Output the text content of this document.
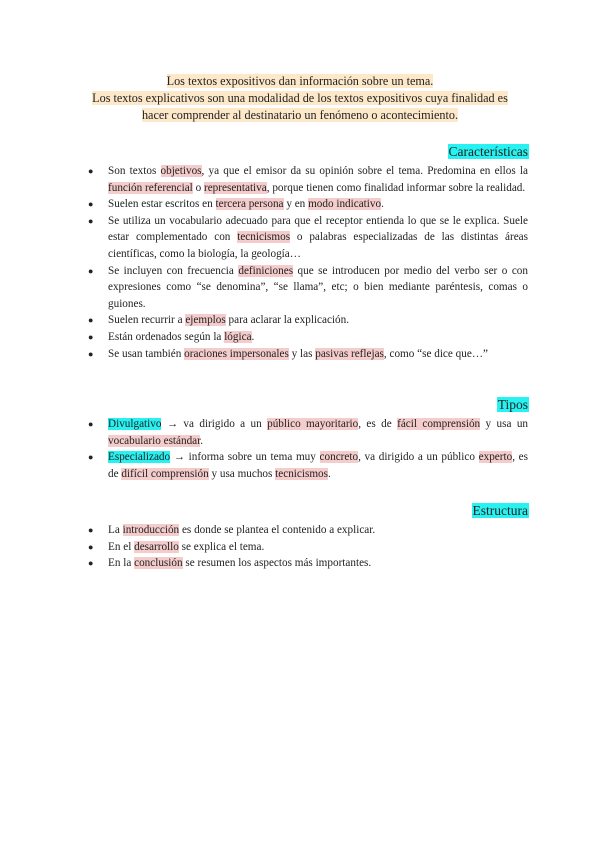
Los textos expositivos dan información sobre un tema.
Los textos explicativos son una modalidad de los textos expositivos cuya finalidad es
hacer comprender al destinatario un fenómeno o acontecimiento.
Características
● Son textos objetivos, ya que el emisor da su opinión sobre el tema. Predomina en ellos la función referencial o representativa, porque tienen como finalidad informar sobre la realidad.
● Suelen estar escritos en tercera persona y en modo indicativo.
● Se utiliza un vocabulario adecuado para que el receptor entienda lo que se le explica. Suele estar complementado con tecnicismos o palabras especializadas de las distintas áreas científicas, como la biología, la geología…
● Se incluyen con frecuencia definiciones que se introducen por medio del verbo ser o con expresiones como “se denomina”, “se llama”, etc; o bien mediante paréntesis, comas o guiones.
● Suelen recurrir a ejemplos para aclarar la explicación.
● Están ordenados según la lógica.
● Se usan también oraciones impersonales y las pasivas reflejas, como “se dice que…”
Tipos
● Divulgativo → va dirigido a un público mayoritario, es de fácil comprensión y usa un vocabulario estándar.
● Especializado → informa sobre un tema muy concreto, va dirigido a un público experto, es de difícil comprensión y usa muchos tecnicismos.
Estructura
● La introducción es donde se plantea el contenido a explicar.
● En el desarrollo se explica el tema.
● En la conclusión se resumen los aspectos más importantes.
